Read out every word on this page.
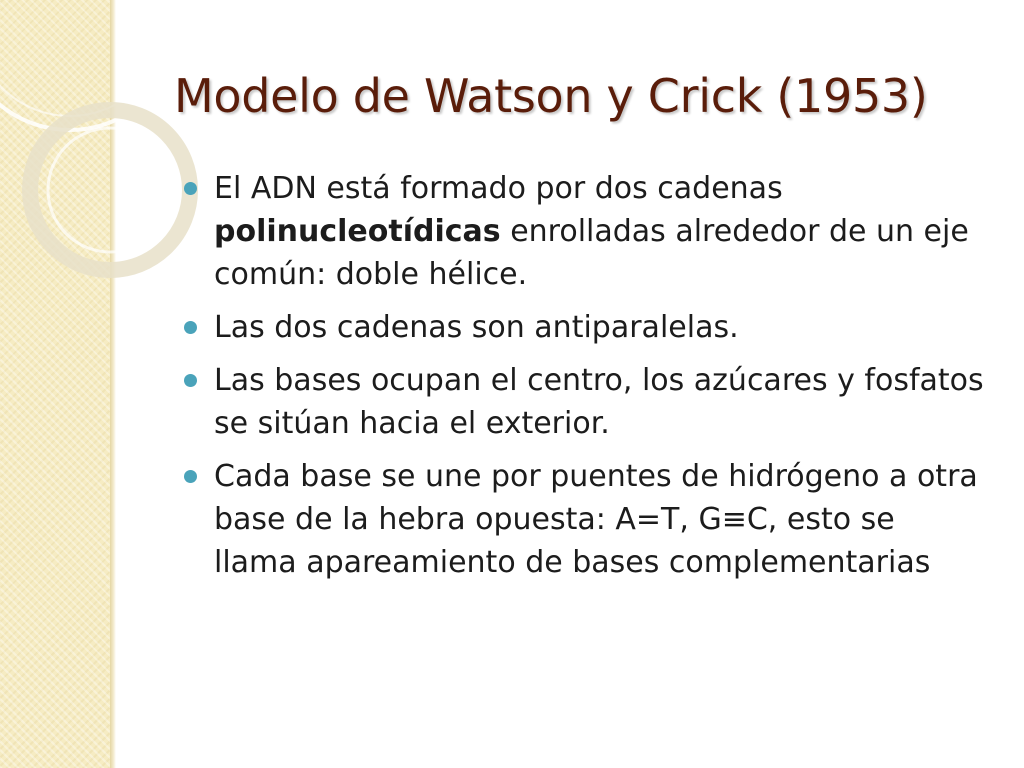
Modelo de Watson y Crick (1953)
El ADN está formado por dos cadenas polinucleotídicas enrolladas alrededor de un eje común: doble hélice.
Las dos cadenas son antiparalelas.
Las bases ocupan el centro, los azúcares y fosfatos se sitúan hacia el exterior.
Cada base se une por puentes de hidrógeno a otra base de la hebra opuesta: A=T, G≡C, esto se llama apareamiento de bases complementarias
